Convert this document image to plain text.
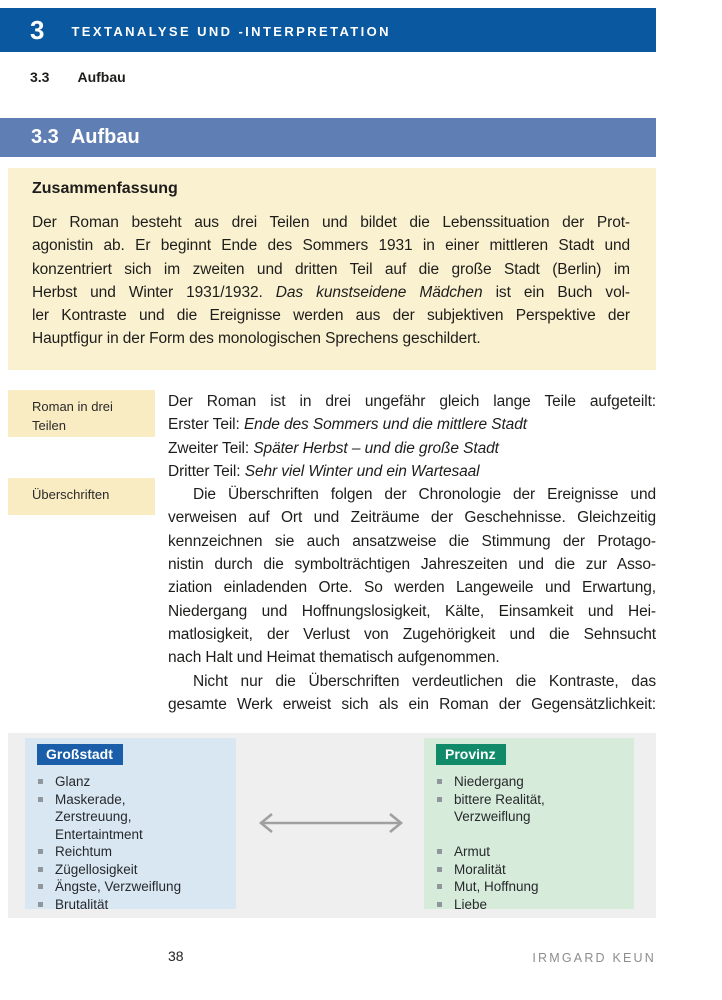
3 TEXTANALYSE UND -INTERPRETATION
3.3 Aufbau
3.3 Aufbau
Zusammenfassung
Der Roman besteht aus drei Teilen und bildet die Lebenssituation der Prot-
agonistin ab. Er beginnt Ende des Sommers 1931 in einer mittleren Stadt und
konzentriert sich im zweiten und dritten Teil auf die große Stadt (Berlin) im
Herbst und Winter 1931/1932. Das kunstseidene Mädchen ist ein Buch vol-
ler Kontraste und die Ereignisse werden aus der subjektiven Perspektive der
Hauptfigur in der Form des monologischen Sprechens geschildert.
Roman in drei
Teilen
Überschriften
Der Roman ist in drei ungefähr gleich lange Teile aufgeteilt:
Erster Teil: Ende des Sommers und die mittlere Stadt
Zweiter Teil: Später Herbst – und die große Stadt
Dritter Teil: Sehr viel Winter und ein Wartesaal
Die Überschriften folgen der Chronologie der Ereignisse und
verweisen auf Ort und Zeiträume der Geschehnisse. Gleichzeitig
kennzeichnen sie auch ansatzweise die Stimmung der Protago-
nistin durch die symbolträchtigen Jahreszeiten und die zur Asso-
ziation einladenden Orte. So werden Langeweile und Erwartung,
Niedergang und Hoffnungslosigkeit, Kälte, Einsamkeit und Hei-
matlosigkeit, der Verlust von Zugehörigkeit und die Sehnsucht
nach Halt und Heimat thematisch aufgenommen.
Nicht nur die Überschriften verdeutlichen die Kontraste, das
gesamte Werk erweist sich als ein Roman der Gegensätzlichkeit:
Großstadt
Glanz
Maskerade,
Zerstreuung,
Entertaintment
Reichtum
Zügellosigkeit
Ängste, Verzweiflung
Brutalität
Provinz
Niedergang
bittere Realität,
Verzweiflung
Armut
Moralität
Mut, Hoffnung
Liebe
38	IRMGARD KEUN
